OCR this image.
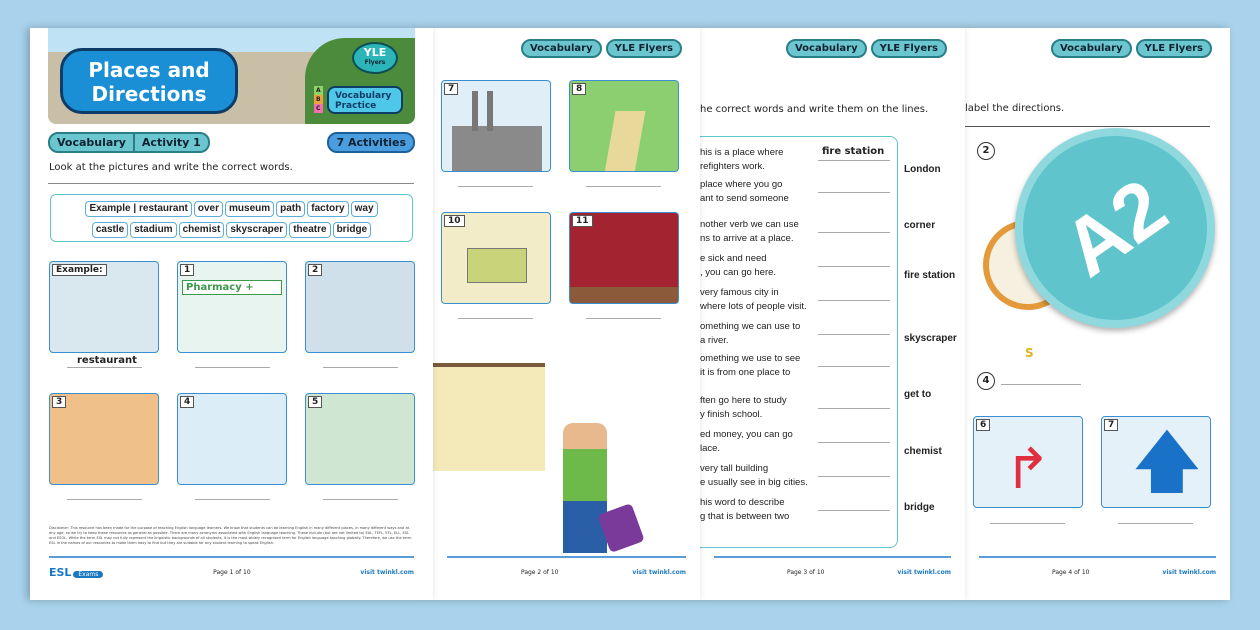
Vocabulary	YLE Flyers
label the directions.
2
S
4
6
↱
7 🡅
Page 4 of 10	visit twinkl.com
A2
Vocabulary	YLE Flyers
he correct words and write them on the lines.
his is a place where
refighters work.
fire station
place where you go
ant to send someone
nother verb we can use
ns to arrive at a place.
e sick and need
, you can go here.
very famous city in
where lots of people visit.
omething we can use to
a river.
omething we use to see
it is from one place to
ften go here to study
y finish school.
ed money, you can go
lace.
very tall building
e usually see in big cities.
his word to describe
g that is between two
London
corner
fire station
skyscraper
get to
chemist
bridge
Page 3 of 10	visit twinkl.com
Vocabulary	YLE Flyers
7	8
10	11
Page 2 of 10	visit twinkl.com
Places and
Directions
YLE
Flyers
A
B
C
Vocabulary
Practice
Vocabulary	Activity 1	7 Activities
Look at the pictures and write the correct words.
Example | restaurant over museum path factory way
castle stadium chemist skyscraper theatre bridge
Example:
restaurant
1
Pharmacy +
2
3	4	5
Disclaimer: This resource has been made for the purpose of teaching English language learners. We know that students can be learning English in many different places, in many different ways and at any age, so we try to keep these resources as general as possible. There are many acronyms associated with English language teaching. These include (but are not limited to) EAL, TEFL, EFL, ELL, ESL and ESOL. While the term ESL may not fully represent the linguistic backgrounds of all students, it is the most widely recognised term for English language teaching globally. Therefore, we use the term ESL in the names of our resources to make them easy to find but they are suitable for any student learning to speak English.
ESL Exams	Page 1 of 10	visit twinkl.com
